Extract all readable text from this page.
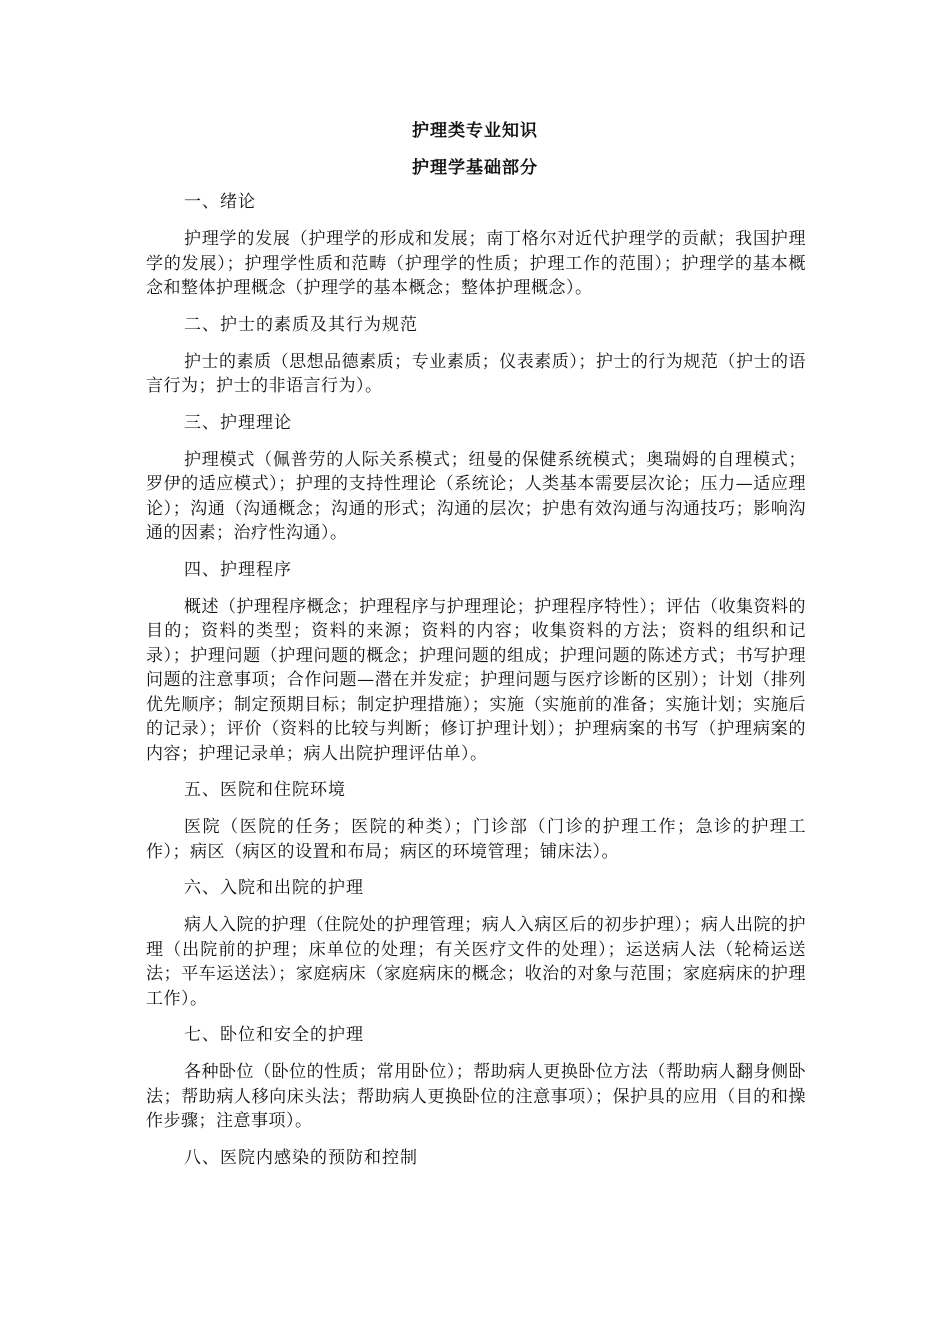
护理类专业知识
护理学基础部分
一、绪论
护理学的发展（护理学的形成和发展；南丁格尔对近代护理学的贡献；我国护理学的发展）；护理学性质和范畴（护理学的性质；护理工作的范围）；护理学的基本概念和整体护理概念（护理学的基本概念；整体护理概念）。
二、护士的素质及其行为规范
护士的素质（思想品德素质；专业素质；仪表素质）；护士的行为规范（护士的语言行为；护士的非语言行为）。
三、护理理论
护理模式（佩普劳的人际关系模式；纽曼的保健系统模式；奥瑞姆的自理模式；罗伊的适应模式）；护理的支持性理论（系统论；人类基本需要层次论；压力—适应理论）；沟通（沟通概念；沟通的形式；沟通的层次；护患有效沟通与沟通技巧；影响沟通的因素；治疗性沟通）。
四、护理程序
概述（护理程序概念；护理程序与护理理论；护理程序特性）；评估（收集资料的目的；资料的类型；资料的来源；资料的内容；收集资料的方法；资料的组织和记录）；护理问题（护理问题的概念；护理问题的组成；护理问题的陈述方式；书写护理问题的注意事项；合作问题—潜在并发症；护理问题与医疗诊断的区别）；计划（排列优先顺序；制定预期目标；制定护理措施）；实施（实施前的准备；实施计划；实施后的记录）；评价（资料的比较与判断；修订护理计划）；护理病案的书写（护理病案的内容；护理记录单；病人出院护理评估单）。
五、医院和住院环境
医院（医院的任务；医院的种类）；门诊部（门诊的护理工作；急诊的护理工作）；病区（病区的设置和布局；病区的环境管理；铺床法）。
六、入院和出院的护理
病人入院的护理（住院处的护理管理；病人入病区后的初步护理）；病人出院的护理（出院前的护理；床单位的处理；有关医疗文件的处理）；运送病人法（轮椅运送法；平车运送法）；家庭病床（家庭病床的概念；收治的对象与范围；家庭病床的护理工作）。
七、卧位和安全的护理
各种卧位（卧位的性质；常用卧位）；帮助病人更换卧位方法（帮助病人翻身侧卧法；帮助病人移向床头法；帮助病人更换卧位的注意事项）；保护具的应用（目的和操作步骤；注意事项）。
八、医院内感染的预防和控制
